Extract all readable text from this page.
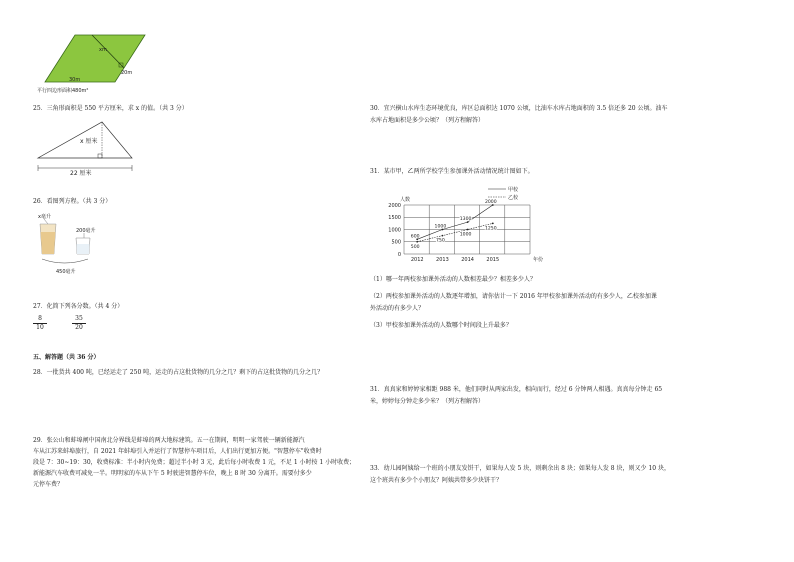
xm
20m
30m
平行四边形面积480m²
25．三角形面积是 550 平方厘米，求 x 的值。（共 3 分）
x 厘米
22 厘米
26．看图列方程。（共 3 分）
x毫升
200毫升
450毫升
27．化简下列各分数。（共 4 分）
8
10
35
20
五、解答题（共 36 分）
28．一批货共 400 吨，已经运走了 250 吨，运走的占这批货物的几分之几？剩下的占这批货物的几分之几？
29．张公山和蚌埠闸中国南北分界线是蚌埠的两大地标建筑。五一在期间，明明一家驾驶一辆新能源汽
车从江苏来蚌埠旅行，自 2021 年蚌埠引入并运行了智慧停车项目后，人们出行更加方便。"智慧停车"收费时
段是 7：30~19：30，收费标准：半小时内免费；超过半小时 3 元，此后每小时收费 1 元，不足 1 小时按 1 小时收费；
新能源汽车收费可减免一半。明明家的车从下午 5 时驶进智慧停车位，晚上 8 时 30 分离开。需要付多少
元停车费？
30．宜兴横山水库生态环境优良，库区总面积达 1070 公顷，比油车水库占地面积的 3.5 倍还多 20 公顷。油车
水库占地面积是多少公顷？（列方程解答）
31．某市甲，乙两所学校学生参加课外活动情况统计图如下。
0
500
1000
1500
2000
2012 2013 2014 2015
人数
年份
600
1000
1300
2000
500
750
1000
1250
甲校
乙校
（1）哪一年两校参加课外活动的人数相差最少？相差多少人？
（2）两校参加课外活动的人数逐年增加，请你估计一下 2016 年甲校参加课外活动的有多少人，乙校参加课
外活动的有多少人？
（3）甲校参加课外活动的人数哪个时间段上升最多？
31．真真家和婷婷家相距 988 米，他们同时从两家出发，相向而行，经过 6 分钟两人相遇。真真每分钟走 65
米，婷婷每分钟走多少米？（列方程解答）
33．幼儿园阿姨给一个班的小朋友发饼干，如果每人发 5 块，则剩余出 8 块；如果每人发 8 块，则又少 10 块，
这个班共有多少个小朋友？阿姨共带多少块饼干？
